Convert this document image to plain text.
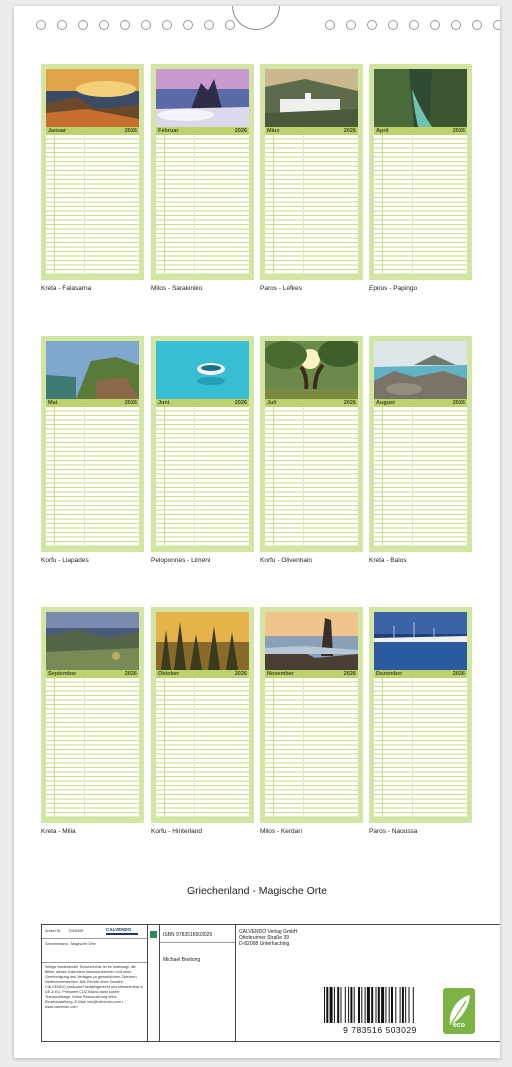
Januar	2026
Kreta - Falasarna
Februar	2026
Milos - Sarakiniko
März	2026
Paros - Lefkes
April	2026
Epirus - Papingo
Mai	2026
Korfu - Liapades
Juni	2026
Peloponnes - Limeni
Juli	2026
Korfu - Olivenhain
August	2026
Kreta - Balos
September	2026
Kreta - Milia
Oktober	2026
Korfu - Hinterland
November	2026
Milos - Kerdari
Dezember	2026
Paros - Naoussa
Griechenland - Magische Orte
Artikel Nr. 2060305	CALVENDO
Griechenland - Magische Orte
Infolge bestehender Schutzrechte ist es untersagt, die Bilder dieses Kalenders herauszutrennen und ohne Genehmigung des Verlages zu gewerblichen Zwecken weiterzuverwenden. Alle Rechte ohne Gewähr. CALVENDO produziert bedarfsgerecht und klimaneutral in DE & EU. Preiswert CO2-Bilanz dank kurzer Transportwege. Keine Retournierung ohne Einzelzustellung. E-Mail: info@calvendo.com • www.calvendo.com
ISBN 9783516503029
Michael Breitung
CALVENDO Verlag GmbH
Ottobrunner Straße 39
D-82008 Unterhaching
9 783516 503029	eco
